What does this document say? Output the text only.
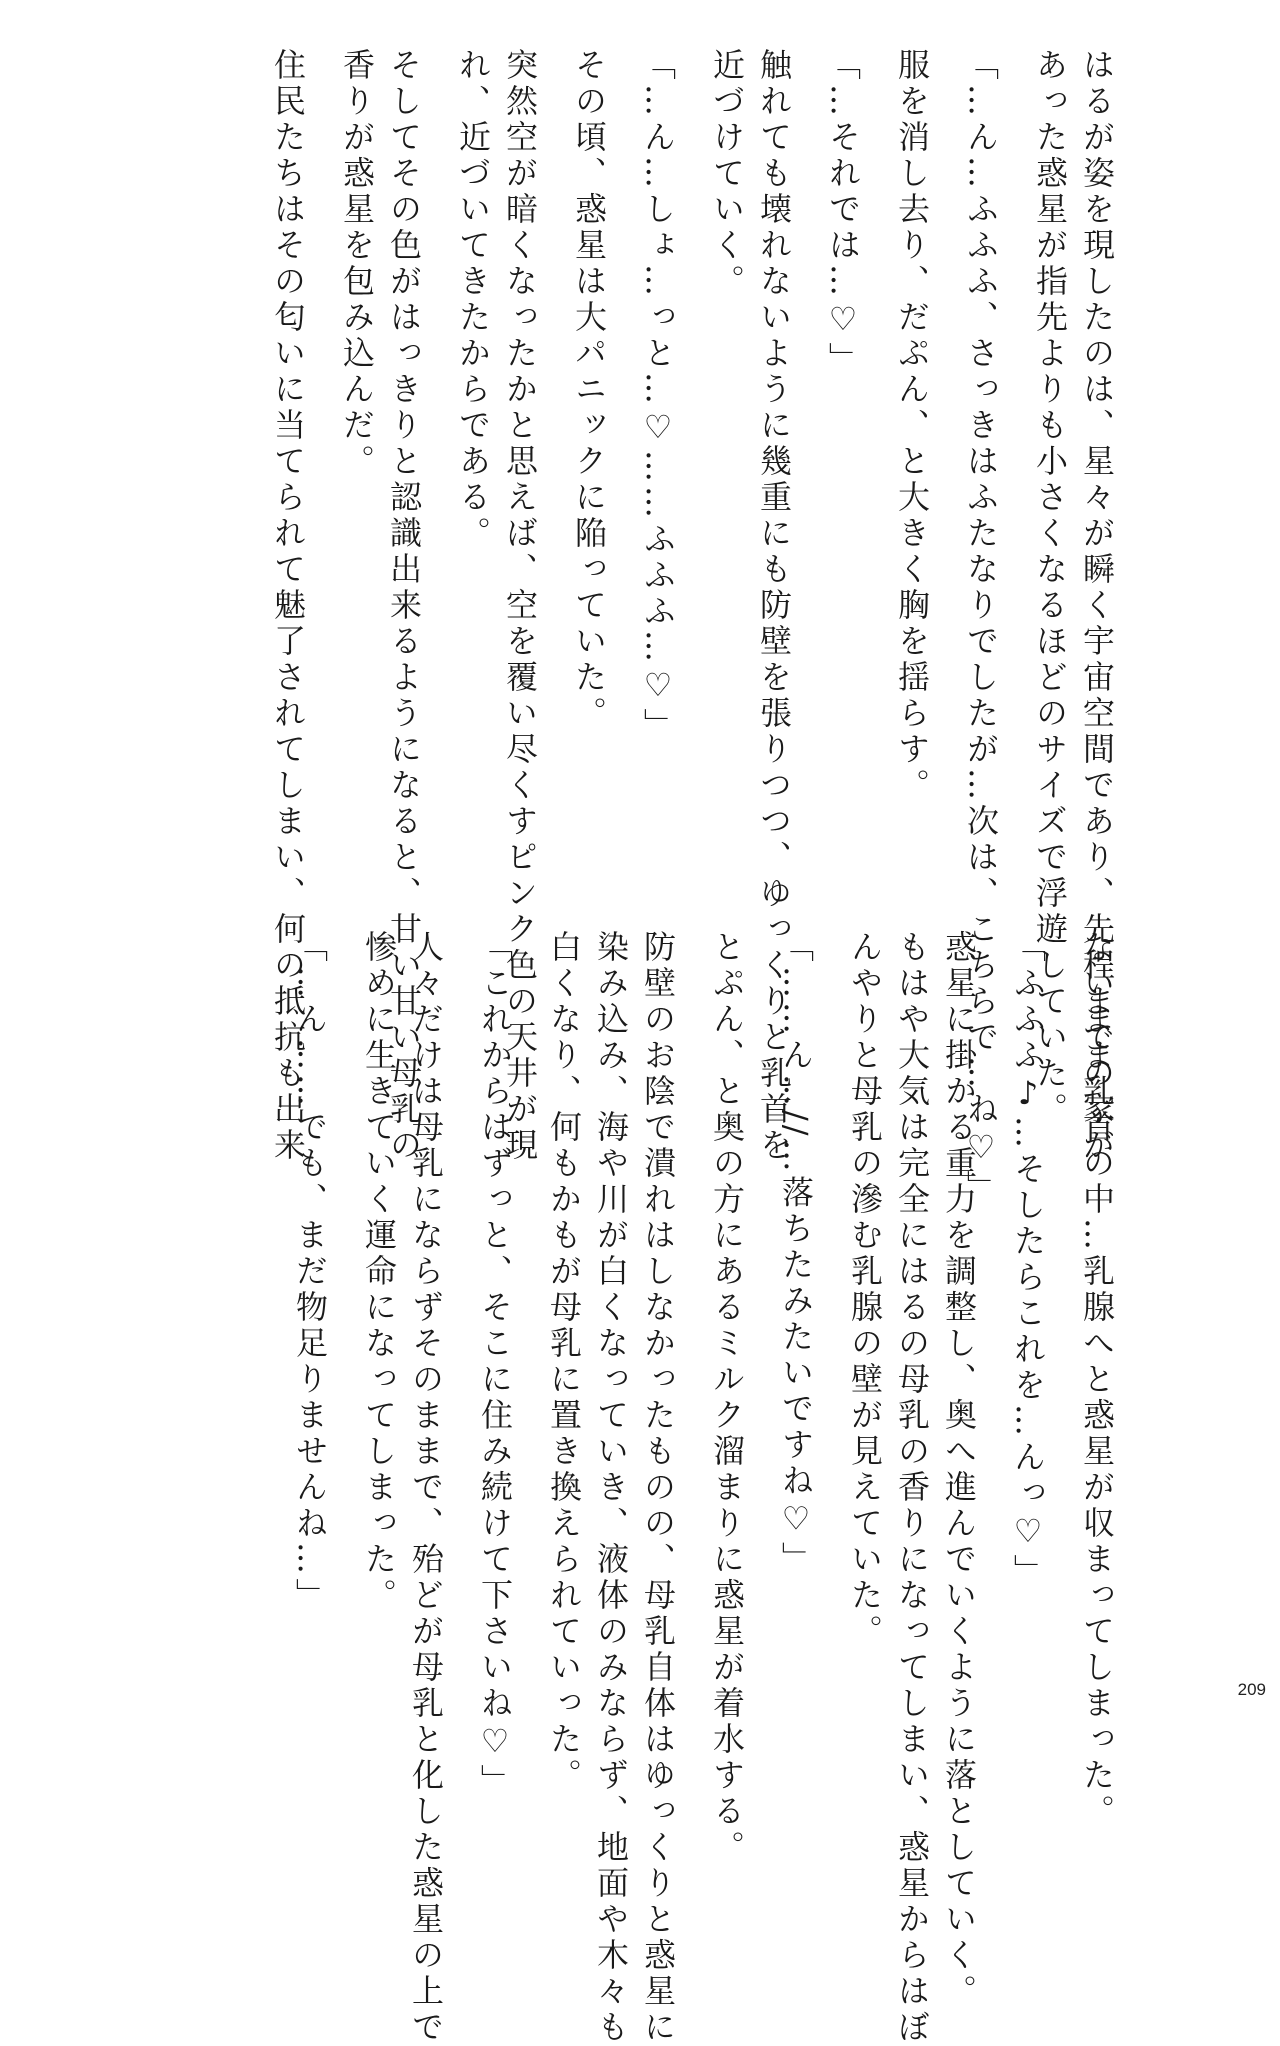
はるが姿を現したのは、星々が瞬く宇宙空間であり、先程までの家が
あった惑星が指先よりも小さくなるほどのサイズで浮遊していた。
「…ん…ふふふ、さっきはふたなりでしたが…次は、こちらで…ね♡」
服を消し去り、だぷん、と大きく胸を揺らす。
「…それでは…♡」
触れても壊れないように幾重にも防壁を張りつつ、ゆっくりと乳首を
近づけていく。
「…ん…しょ…っと…♡……ふふふ…♡」
その頃、惑星は大パニックに陥っていた。
突然空が暗くなったかと思えば、空を覆い尽くすピンク色の天井が現
れ、近づいてきたからである。
そしてその色がはっきりと認識出来るようになると、甘い甘い母乳の
香りが惑星を包み込んだ。
住民たちはその匂いに当てられて魅了されてしまい、何の抵抗も出来
ないまま乳首の中…乳腺へと惑星が収まってしまった。
「ふふふ♪…そしたらこれを…んっ♡」
惑星に掛かる重力を調整し、奥へ進んでいくように落としていく。
もはや大気は完全にはるの母乳の香りになってしまい、惑星からはぼ
んやりと母乳の滲む乳腺の壁が見えていた。
「……ん…//…落ちたみたいですね♡」
とぷん、と奥の方にあるミルク溜まりに惑星が着水する。
防壁のお陰で潰れはしなかったものの、母乳自体はゆっくりと惑星に
染み込み、海や川が白くなっていき、液体のみならず、地面や木々も
白くなり、何もかもが母乳に置き換えられていった。
「これからはずっと、そこに住み続けて下さいね♡」
人々だけは母乳にならずそのままで、殆どが母乳と化した惑星の上で
惨めに生きていく運命になってしまった。
「…ん……でも、まだ物足りませんね…」
209
